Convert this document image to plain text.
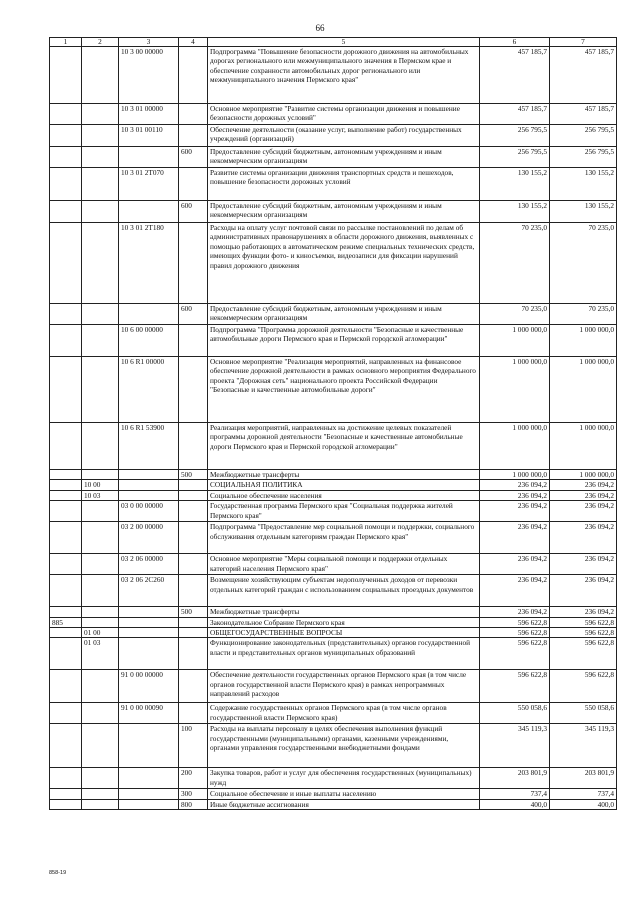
66
1	2	3	4	5	6	7
		10 3 00 00000		Подпрограмма "Повышение безопасности дорожного движения на автомобильных дорогах регионального или межмуниципального значения в Пермском крае и обеспечение сохранности автомобильных дорог регионального или межмуниципального значения Пермского края"	457 185,7	457 185,7
		10 3 01 00000		Основное мероприятие "Развитие системы организации движения и повышение безопасности дорожных условий"	457 185,7	457 185,7
		10 3 01 00110		Обеспечение деятельности (оказание услуг, выполнение работ) государственных учреждений (организаций)	256 795,5	256 795,5
			600	Предоставление субсидий бюджетным, автономным учреждениям и иным некоммерческим организациям	256 795,5	256 795,5
		10 3 01 2Т070		Развитие системы организации движения транспортных средств и пешеходов, повышение безопасности дорожных условий	130 155,2	130 155,2
			600	Предоставление субсидий бюджетным, автономным учреждениям и иным некоммерческим организациям	130 155,2	130 155,2
		10 3 01 2Т180		Расходы на оплату услуг почтовой связи по рассылке постановлений по делам об административных правонарушениях в области дорожного движения, выявленных с помощью работающих в автоматическом режиме специальных технических средств, имеющих функции фото- и киносъемки, видеозаписи для фиксации нарушений правил дорожного движения	70 235,0	70 235,0
			600	Предоставление субсидий бюджетным, автономным учреждениям и иным некоммерческим организациям	70 235,0	70 235,0
		10 6 00 00000		Подпрограмма "Программа дорожной деятельности "Безопасные и качественные автомобильные дороги Пермского края и Пермской городской агломерации"	1 000 000,0	1 000 000,0
		10 6 R1 00000		Основное мероприятие "Реализация мероприятий, направленных на финансовое обеспечение дорожной деятельности в рамках основного мероприятия Федерального проекта "Дорожная сеть" национального проекта Российской Федерации "Безопасные и качественные автомобильные дороги"	1 000 000,0	1 000 000,0
		10 6 R1 53900		Реализация мероприятий, направленных на достижение целевых показателей программы дорожной деятельности "Безопасные и качественные автомобильные дороги Пермского края и Пермской городской агломерации"	1 000 000,0	1 000 000,0
			500	Межбюджетные трансферты	1 000 000,0	1 000 000,0
	10 00			СОЦИАЛЬНАЯ ПОЛИТИКА	236 094,2	236 094,2
	10 03			Социальное обеспечение населения	236 094,2	236 094,2
		03 0 00 00000		Государственная программа Пермского края "Социальная поддержка жителей Пермского края"	236 094,2	236 094,2
		03 2 00 00000		Подпрограмма "Предоставление мер социальной помощи и поддержки, социального обслуживания отдельным категориям граждан Пермского края"	236 094,2	236 094,2
		03 2 06 00000		Основное мероприятие "Меры социальной помощи и поддержки отдельных категорий населения Пермского края"	236 094,2	236 094,2
		03 2 06 2С260		Возмещение хозяйствующим субъектам недополученных доходов от перевозки отдельных категорий граждан с использованием социальных проездных документов	236 094,2	236 094,2
			500	Межбюджетные трансферты	236 094,2	236 094,2
885				Законодательное Собрание Пермского края	596 622,8	596 622,8
	01 00			ОБЩЕГОСУДАРСТВЕННЫЕ ВОПРОСЫ	596 622,8	596 622,8
	01 03			Функционирование законодательных (представительных) органов государственной власти и представительных органов муниципальных образований	596 622,8	596 622,8
		91 0 00 00000		Обеспечение деятельности государственных органов Пермского края (в том числе органов государственной власти Пермского края) в рамках непрограммных направлений расходов	596 622,8	596 622,8
		91 0 00 00090		Содержание государственных органов Пермского края (в том числе органов государственной власти Пермского края)	550 058,6	550 058,6
			100	Расходы на выплаты персоналу в целях обеспечения выполнения функций государственными (муниципальными) органами, казенными учреждениями, органами управления государственными внебюджетными фондами	345 119,3	345 119,3
			200	Закупка товаров, работ и услуг для обеспечения государственных (муниципальных) нужд	203 801,9	203 801,9
			300	Социальное обеспечение и иные выплаты населению	737,4	737,4
			800	Иные бюджетные ассигнования	400,0	400,0
858-19
